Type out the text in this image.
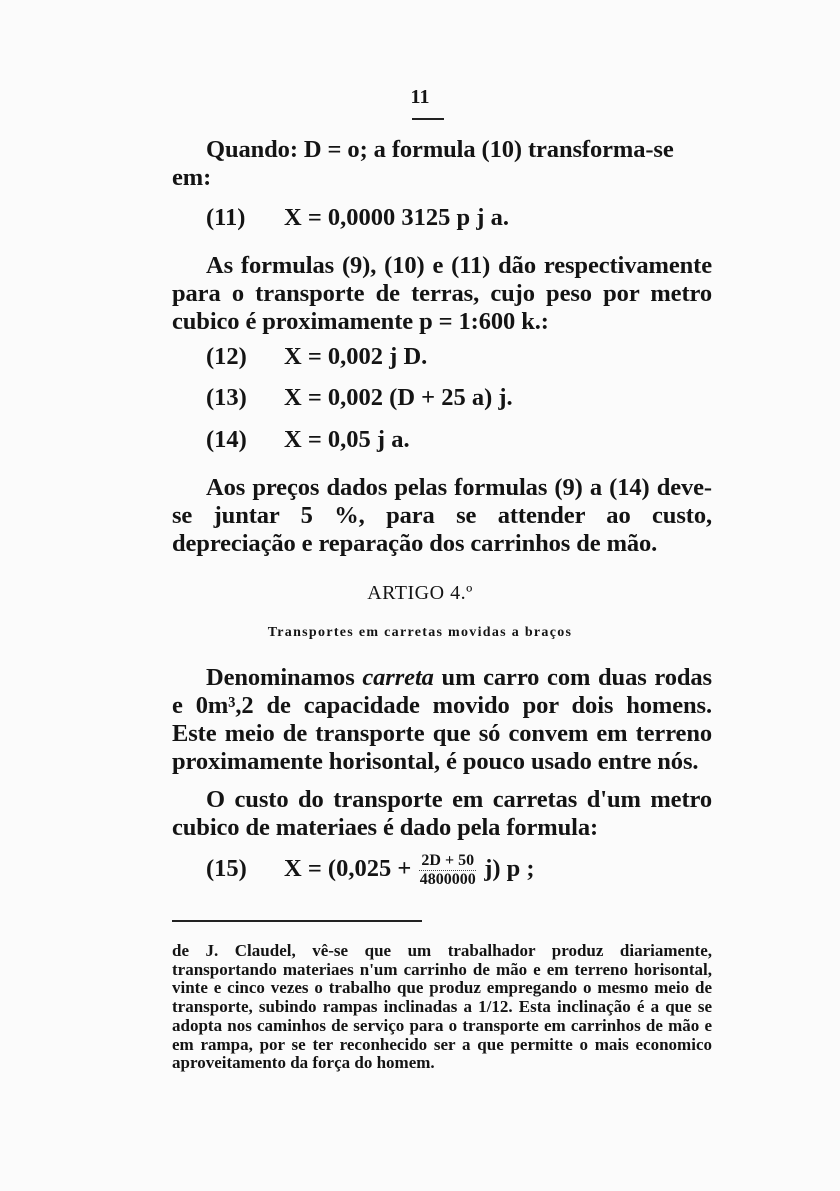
11
Quando: D = o; a formula (10) transforma-se em:
(11) X = 0,0000 3125 p j a.
As formulas (9), (10) e (11) dão respectivamente para o transporte de terras, cujo peso por metro cubico é proximamente p = 1:600 k.:
(12) X = 0,002 j D.
(13) X = 0,002 (D + 25 a) j.
(14) X = 0,05 j a.
Aos preços dados pelas formulas (9) a (14) deve-se juntar 5 %, para se attender ao custo, depreciação e reparação dos carrinhos de mão.
ARTIGO 4.º
Transportes em carretas movidas a braços
Denominamos carreta um carro com duas rodas e 0m³,2 de capacidade movido por dois homens. Este meio de transporte que só convem em terreno proximamente horisontal, é pouco usado entre nós.
O custo do transporte em carretas d'um metro cubico de materiaes é dado pela formula:
(15) $X = (0,025 + \frac{2D + 50}{4800000} j)$ p ;
de J. Claudel, vê-se que um trabalhador produz diariamente, transportando materiaes n'um carrinho de mão e em terreno horisontal, vinte e cinco vezes o trabalho que produz empregando o mesmo meio de transporte, subindo rampas inclinadas a 1/12. Esta inclinação é a que se adopta nos caminhos de serviço para o transporte em carrinhos de mão e em rampa, por se ter reconhecido ser a que permitte o mais economico aproveitamento da força do homem.
